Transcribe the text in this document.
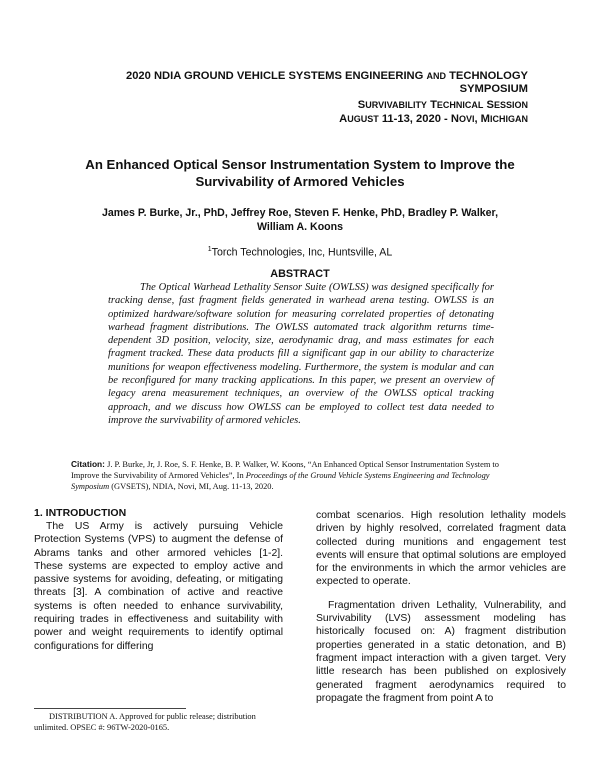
2020 NDIA GROUND VEHICLE SYSTEMS ENGINEERING AND TECHNOLOGY
SYMPOSIUM
SURVIVABILITY TECHNICAL SESSION
AUGUST 11-13, 2020 - NOVI, MICHIGAN
An Enhanced Optical Sensor Instrumentation System to Improve the
Survivability of Armored Vehicles
James P. Burke, Jr., PhD, Jeffrey Roe, Steven F. Henke, PhD, Bradley P. Walker,
William A. Koons
$^1$Torch Technologies, Inc, Huntsville, AL
ABSTRACT

The Optical Warhead Lethality Sensor Suite (OWLSS) was designed specifically for tracking dense, fast fragment fields generated in warhead arena testing. OWLSS is an optimized hardware/software solution for measuring correlated properties of detonating warhead fragment distributions. The OWLSS automated track algorithm returns time-dependent 3D position, velocity, size, aerodynamic drag, and mass estimates for each fragment tracked. These data products fill a significant gap in our ability to characterize munitions for weapon effectiveness modeling. Furthermore, the system is modular and can be reconfigured for many tracking applications. In this paper, we present an overview of legacy arena measurement techniques, an overview of the OWLSS optical tracking approach, and we discuss how OWLSS can be employed to collect test data needed to improve the survivability of armored vehicles.

Citation: J. P. Burke, Jr, J. Roe, S. F. Henke, B. P. Walker, W. Koons, “An Enhanced Optical Sensor Instrumentation System to Improve the Survivability of Armored Vehicles”, In Proceedings of the Ground Vehicle Systems Engineering and Technology Symposium (GVSETS), NDIA, Novi, MI, Aug. 11-13, 2020.
1. INTRODUCTION

The US Army is actively pursuing Vehicle Protection Systems (VPS) to augment the defense of Abrams tanks and other armored vehicles [1-2]. These systems are expected to employ active and passive systems for avoiding, defeating, or mitigating threats [3]. A combination of active and reactive systems is often needed to enhance survivability, requiring trades in effectiveness and suitability with power and weight requirements to identify optimal configurations for differing

combat scenarios. High resolution lethality models driven by highly resolved, correlated fragment data collected during munitions and engagement test events will ensure that optimal solutions are employed for the environments in which the armor vehicles are expected to operate.

Fragmentation driven Lethality, Vulnerability, and Survivability (LVS) assessment modeling has historically focused on: A) fragment distribution properties generated in a static detonation, and B) fragment impact interaction with a given target. Very little research has been published on explosively generated fragment aerodynamics required to propagate the fragment from point A to

DISTRIBUTION A. Approved for public release; distribution unlimited. OPSEC #: 96TW-2020-0165.
